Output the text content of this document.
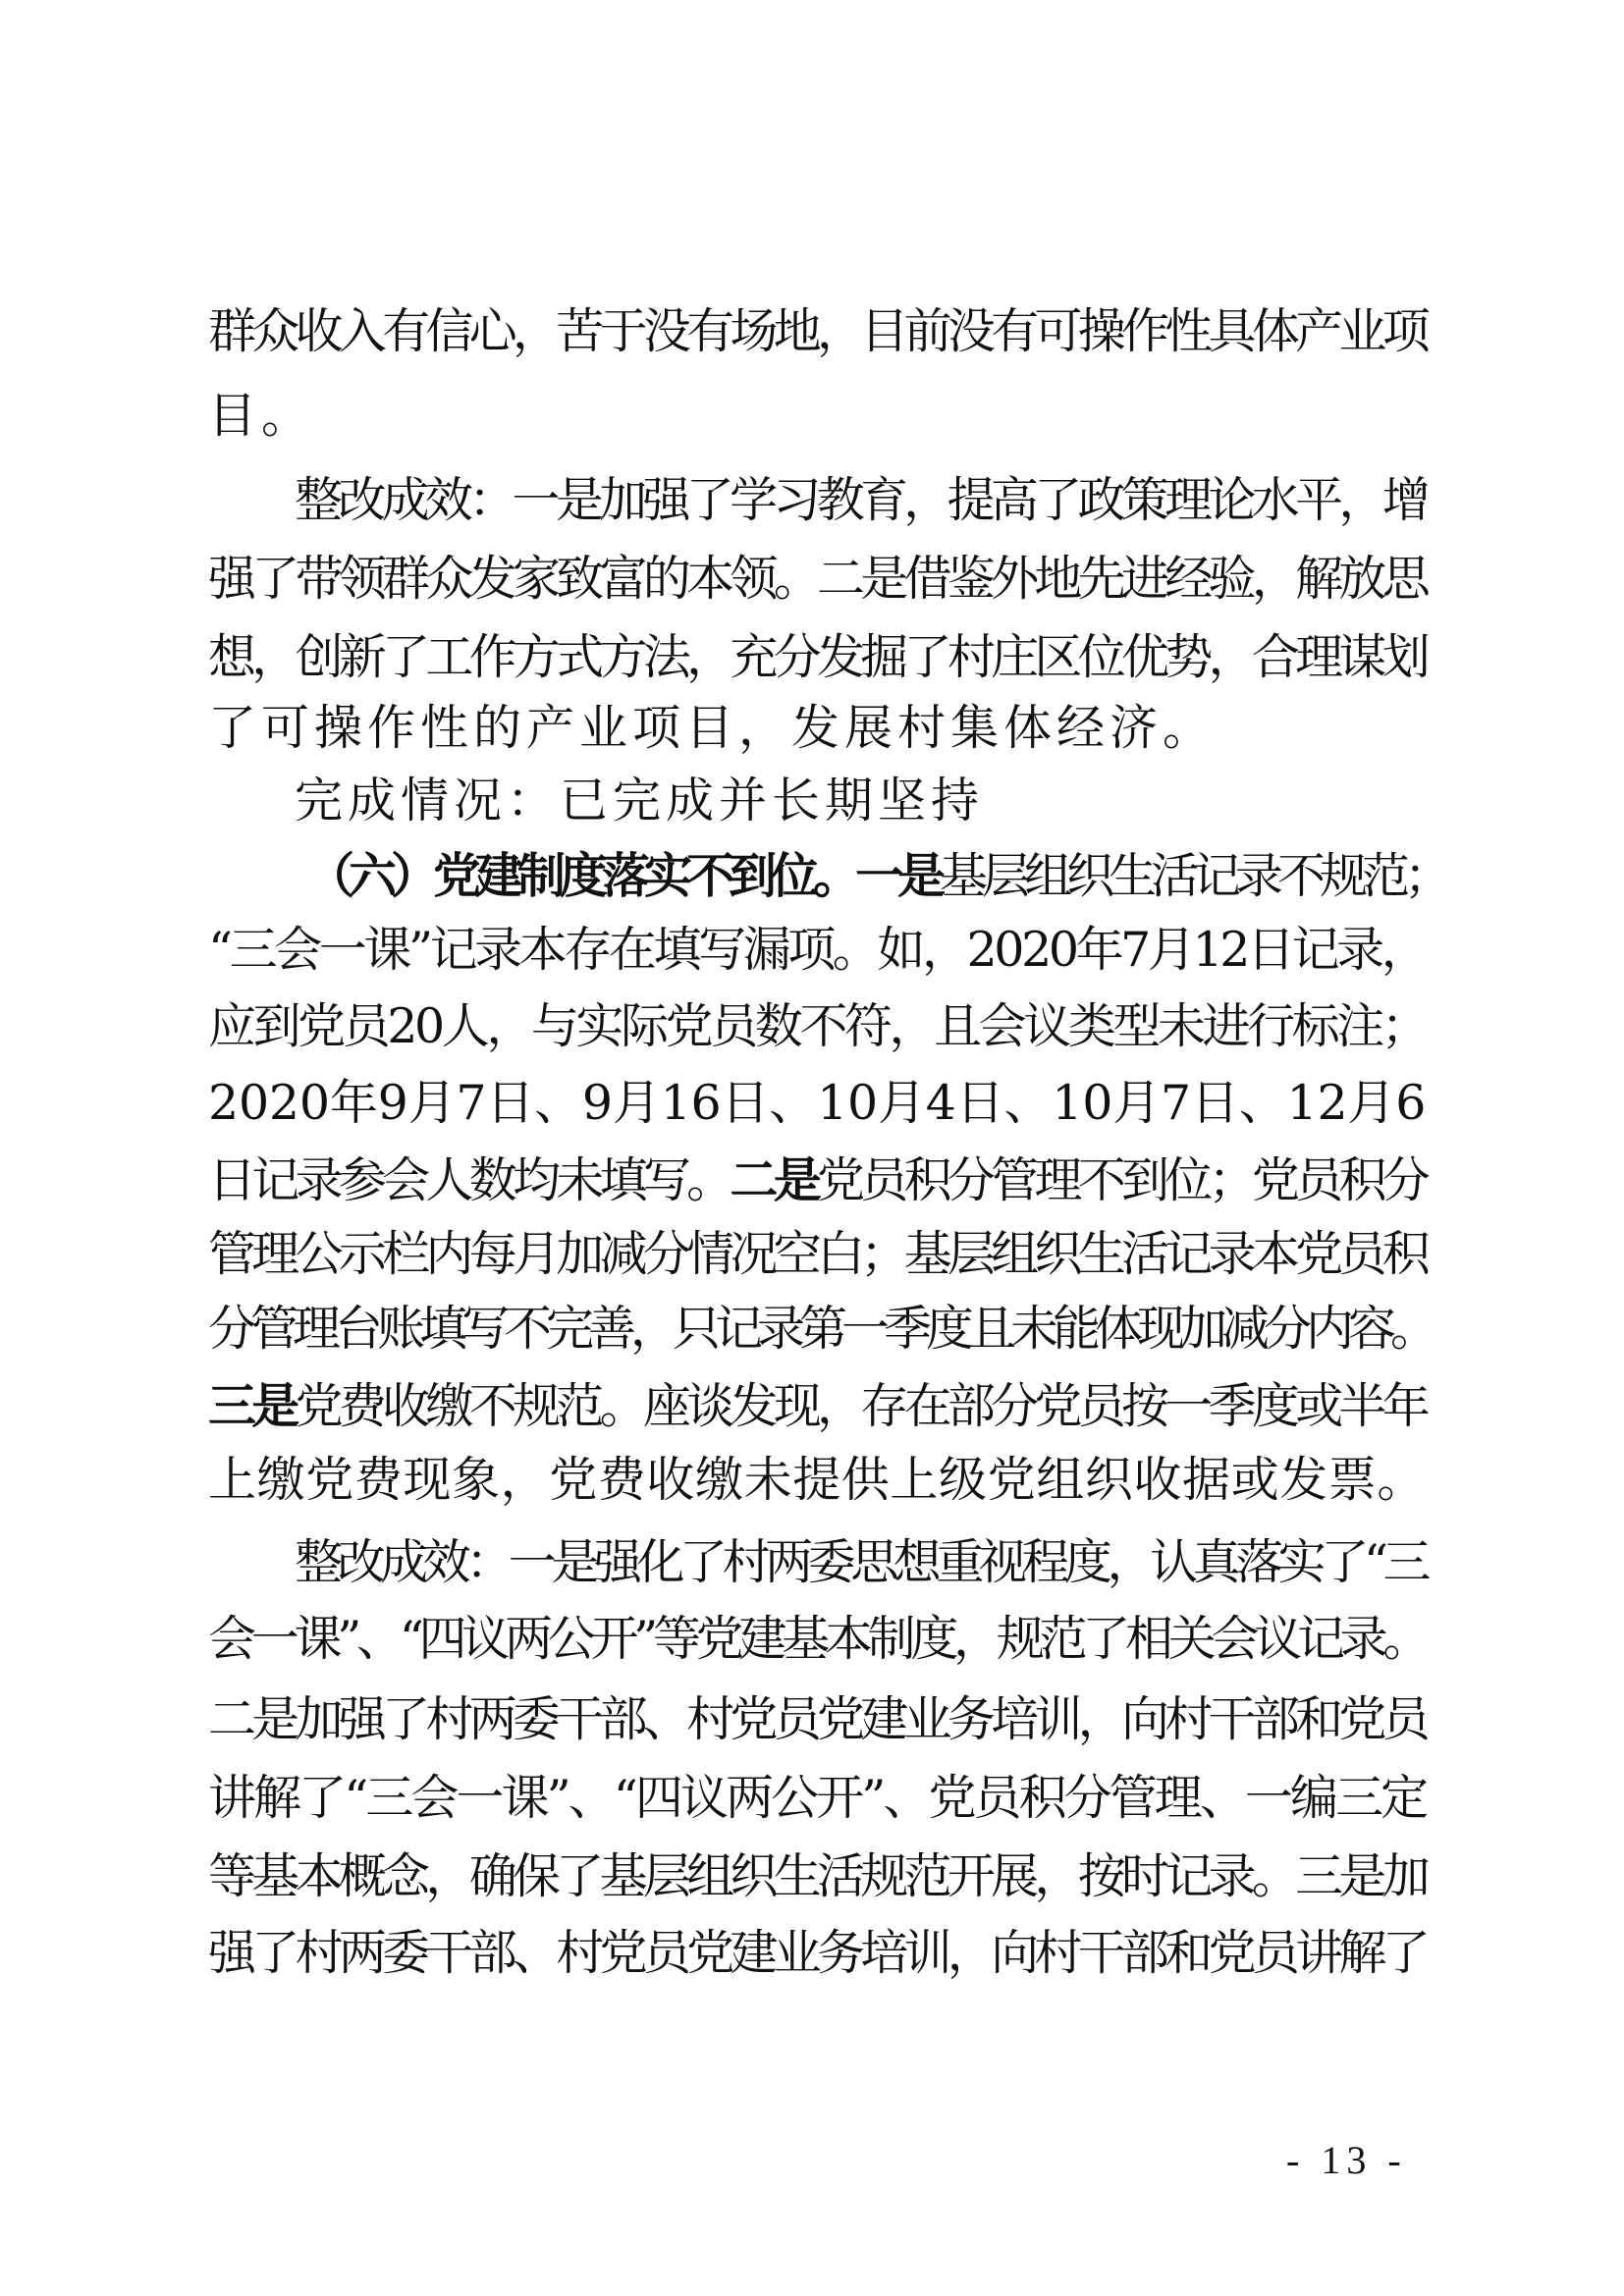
群众收入有信心，苦于没有场地，目前没有可操作性具体产业项
目。
整改成效：一是加强了学习教育，提高了政策理论水平，增
强了带领群众发家致富的本领。二是借鉴外地先进经验，解放思
想，创新了工作方式方法，充分发掘了村庄区位优势，合理谋划
了可操作性的产业项目，发展村集体经济。
完成情况：已完成并长期坚持
（六）党建制度落实不到位。一是基层组织生活记录不规范；
“三会一课”记录本存在填写漏项。如，2020年7月12日记录，
应到党员20人，与实际党员数不符，且会议类型未进行标注；
2020年9月7日、9月16日、10月4日、10月7日、12月6
日记录参会人数均未填写。二是党员积分管理不到位；党员积分
管理公示栏内每月加减分情况空白；基层组织生活记录本党员积
分管理台账填写不完善，只记录第一季度且未能体现加减分内容。
三是党费收缴不规范。座谈发现，存在部分党员按一季度或半年
上缴党费现象，党费收缴未提供上级党组织收据或发票。
整改成效：一是强化了村两委思想重视程度，认真落实了“三
会一课”、“四议两公开”等党建基本制度，规范了相关会议记录。
二是加强了村两委干部、村党员党建业务培训，向村干部和党员
讲解了“三会一课”、“四议两公开”、党员积分管理、一编三定
等基本概念，确保了基层组织生活规范开展，按时记录。三是加
强了村两委干部、村党员党建业务培训，向村干部和党员讲解了
- 13 -
